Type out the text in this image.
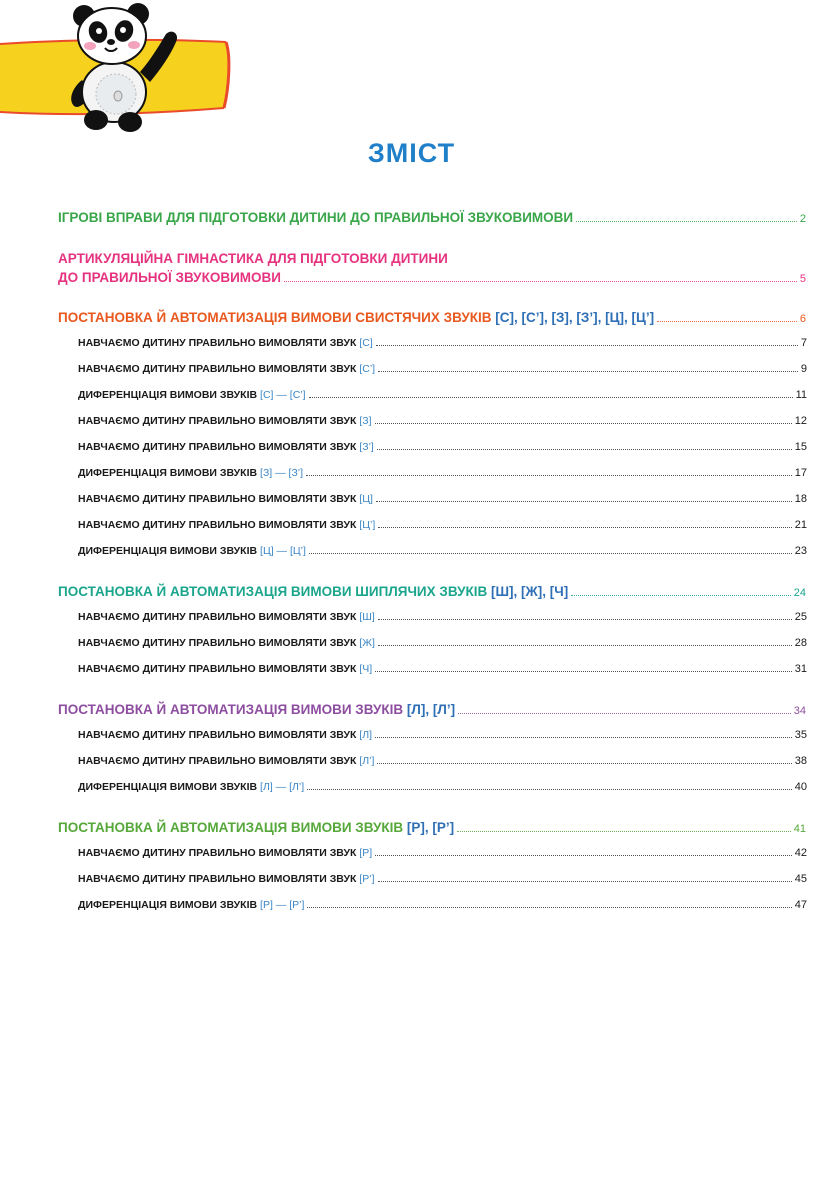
ЗМІСТ
ІГРОВІ ВПРАВИ ДЛЯ ПІДГОТОВКИ ДИТИНИ ДО ПРАВИЛЬНОЇ ЗВУКОВИМОВИ	2
АРТИКУЛЯЦІЙНА ГІМНАСТИКА ДЛЯ ПІДГОТОВКИ ДИТИНИ
ДО ПРАВИЛЬНОЇ ЗВУКОВИМОВИ	5
ПОСТАНОВКА Й АВТОМАТИЗАЦІЯ ВИМОВИ СВИСТЯЧИХ ЗВУКІВ
[С], [С’], [З], [З’], [Ц], [Ц’]	6
НАВЧАЄМО ДИТИНУ ПРАВИЛЬНО ВИМОВЛЯТИ ЗВУК
[С]	7
НАВЧАЄМО ДИТИНУ ПРАВИЛЬНО ВИМОВЛЯТИ ЗВУК
[С’]	9
ДИФЕРЕНЦІАЦІЯ ВИМОВИ ЗВУКІВ
[С] — [С’]	11
НАВЧАЄМО ДИТИНУ ПРАВИЛЬНО ВИМОВЛЯТИ ЗВУК
[З]	12
НАВЧАЄМО ДИТИНУ ПРАВИЛЬНО ВИМОВЛЯТИ ЗВУК
[З’]	15
ДИФЕРЕНЦІАЦІЯ ВИМОВИ ЗВУКІВ
[З] — [З’]	17
НАВЧАЄМО ДИТИНУ ПРАВИЛЬНО ВИМОВЛЯТИ ЗВУК
[Ц]	18
НАВЧАЄМО ДИТИНУ ПРАВИЛЬНО ВИМОВЛЯТИ ЗВУК
[Ц’]	21
ДИФЕРЕНЦІАЦІЯ ВИМОВИ ЗВУКІВ
[Ц] — [Ц’]	23
ПОСТАНОВКА Й АВТОМАТИЗАЦІЯ ВИМОВИ ШИПЛЯЧИХ ЗВУКІВ
[Ш], [Ж], [Ч]	24
НАВЧАЄМО ДИТИНУ ПРАВИЛЬНО ВИМОВЛЯТИ ЗВУК
[Ш]	25
НАВЧАЄМО ДИТИНУ ПРАВИЛЬНО ВИМОВЛЯТИ ЗВУК
[Ж]	28
НАВЧАЄМО ДИТИНУ ПРАВИЛЬНО ВИМОВЛЯТИ ЗВУК
[Ч]	31
ПОСТАНОВКА Й АВТОМАТИЗАЦІЯ ВИМОВИ ЗВУКІВ
[Л], [Л’]	34
НАВЧАЄМО ДИТИНУ ПРАВИЛЬНО ВИМОВЛЯТИ ЗВУК
[Л]	35
НАВЧАЄМО ДИТИНУ ПРАВИЛЬНО ВИМОВЛЯТИ ЗВУК
[Л’]	38
ДИФЕРЕНЦІАЦІЯ ВИМОВИ ЗВУКІВ
[Л] — [Л’]	40
ПОСТАНОВКА Й АВТОМАТИЗАЦІЯ ВИМОВИ ЗВУКІВ
[Р], [Р’]	41
НАВЧАЄМО ДИТИНУ ПРАВИЛЬНО ВИМОВЛЯТИ ЗВУК
[Р]	42
НАВЧАЄМО ДИТИНУ ПРАВИЛЬНО ВИМОВЛЯТИ ЗВУК
[Р’]	45
ДИФЕРЕНЦІАЦІЯ ВИМОВИ ЗВУКІВ
[Р] — [Р’]	47
